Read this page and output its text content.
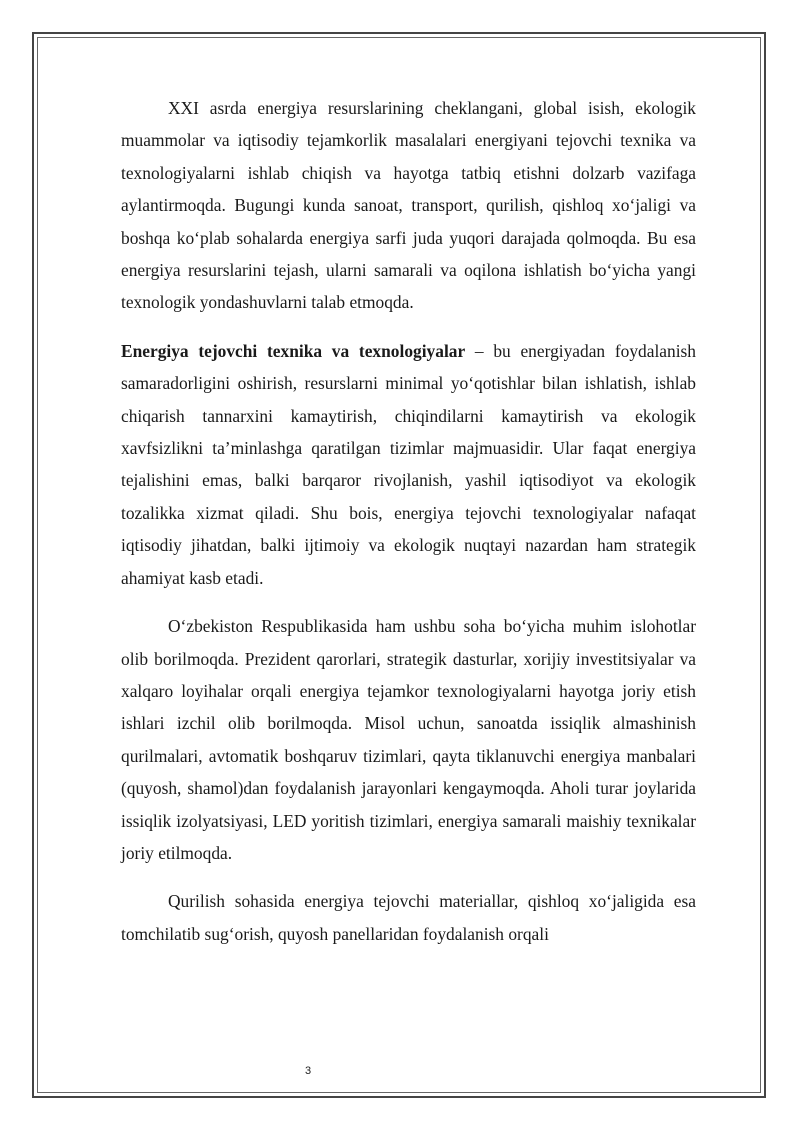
XXI asrda energiya resurslarining cheklangani, global isish, ekologik muammolar va iqtisodiy tejamkorlik masalalari energiyani tejovchi texnika va texnologiyalarni ishlab chiqish va hayotga tatbiq etishni dolzarb vazifaga aylantirmoqda. Bugungi kunda sanoat, transport, qurilish, qishloq xo‘jaligi va boshqa ko‘plab sohalarda energiya sarfi juda yuqori darajada qolmoqda. Bu esa energiya resurslarini tejash, ularni samarali va oqilona ishlatish bo‘yicha yangi texnologik yondashuvlarni talab etmoqda.

Energiya tejovchi texnika va texnologiyalar – bu energiyadan foydalanish samaradorligini oshirish, resurslarni minimal yo‘qotishlar bilan ishlatish, ishlab chiqarish tannarxini kamaytirish, chiqindilarni kamaytirish va ekologik xavfsizlikni ta’minlashga qaratilgan tizimlar majmuasidir. Ular faqat energiya tejalishini emas, balki barqaror rivojlanish, yashil iqtisodiyot va ekologik tozalikka xizmat qiladi. Shu bois, energiya tejovchi texnologiyalar nafaqat iqtisodiy jihatdan, balki ijtimoiy va ekologik nuqtayi nazardan ham strategik ahamiyat kasb etadi.

O‘zbekiston Respublikasida ham ushbu soha bo‘yicha muhim islohotlar olib borilmoqda. Prezident qarorlari, strategik dasturlar, xorijiy investitsiyalar va xalqaro loyihalar orqali energiya tejamkor texnologiyalarni hayotga joriy etish ishlari izchil olib borilmoqda. Misol uchun, sanoatda issiqlik almashinish qurilmalari, avtomatik boshqaruv tizimlari, qayta tiklanuvchi energiya manbalari (quyosh, shamol)dan foydalanish jarayonlari kengaymoqda. Aholi turar joylarida issiqlik izolyatsiyasi, LED yoritish tizimlari, energiya samarali maishiy texnikalar joriy etilmoqda.

Qurilish sohasida energiya tejovchi materiallar, qishloq xo‘jaligida esa tomchilatib sug‘orish, quyosh panellaridan foydalanish orqali

3
